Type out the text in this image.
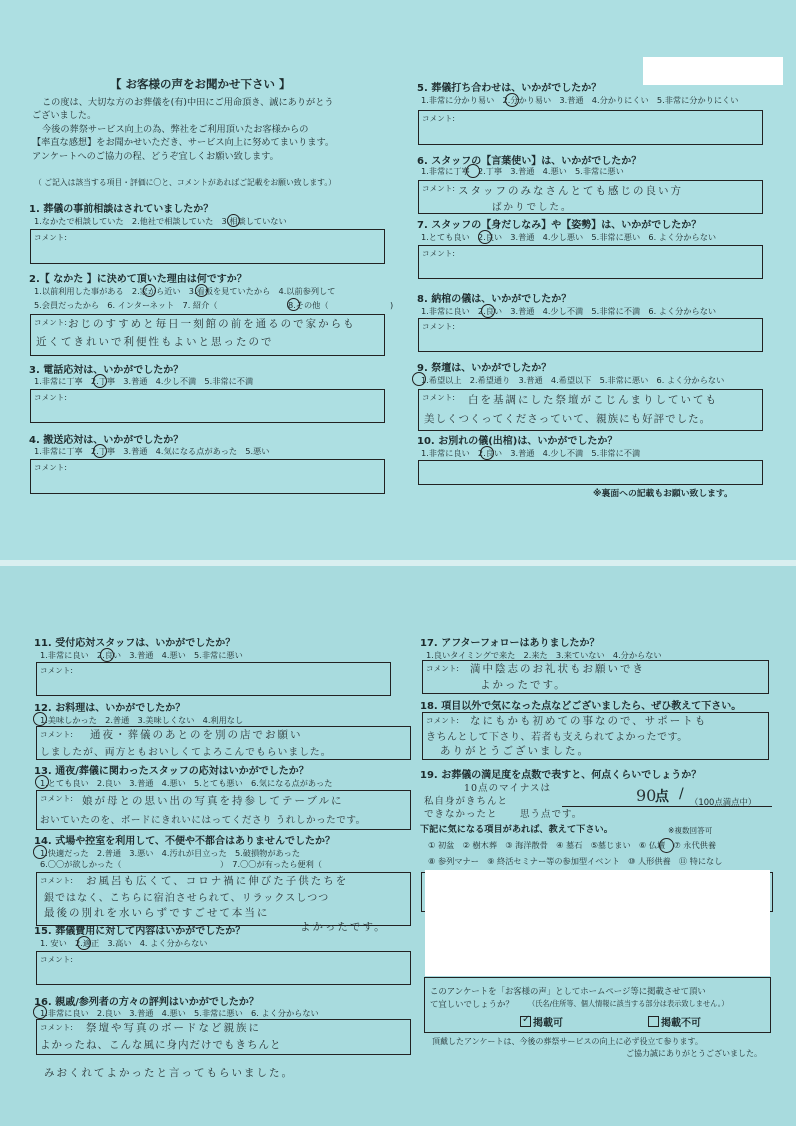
【 お客様の声をお聞かせ下さい 】
この度は、大切な方のお葬儀を(有)中田にご用命頂き、誠にありがとう
ございました。
今後の葬祭サービス向上の為、弊社をご利用頂いたお客様からの
【率直な感想】をお聞かせいただき、サービス向上に努めてまいります。
アンケートへのご協力の程、どうぞ宜しくお願い致します。
（ ご記入は該当する項目・評価に〇と、コメントがあればご記載をお願い致します。）
1. 葬儀の事前相談はされていましたか？
1.なかたで相談していた　2.他社で相談していた　3.相談していない
コメント:
2.【 なかた 】に決めて頂いた理由は何ですか？
1.以前利用した事がある　2.家から近い　3.看板を見ていたから　4.以前参列して
5.会員だったから　6. インターネット　7. 紹介（	8.その他（	)
コメント: おじのすすめと毎日一刻館の前を通るので家からも
近くてきれいで利便性もよいと思ったので
3. 電話応対は、いかがでしたか？
1.非常に丁寧　2.丁寧　3.普通　4.少し不満　5.非常に不満
コメント:
4. 搬送応対は、いかがでしたか？
1.非常に丁寧　2.丁寧　3.普通　4.気になる点があった　5.悪い
コメント:
5. 葬儀打ち合わせは、いかがでしたか？
1.非常に分かり易い　2.分かり易い　3.普通　4.分かりにくい　5.非常に分かりにくい
コメント:
6. スタッフの【言葉使い】は、いかがでしたか？
1.非常に丁寧　2.丁寧　3.普通　4.悪い　5.非常に悪い
コメント: スタッフのみなさんとても感じの良い方
ばかりでした。
7. スタッフの【身だしなみ】や【姿勢】は、いかがでしたか？
1.とても良い　2.良い　3.普通　4.少し悪い　5.非常に悪い　6. よく分からない
コメント:
8. 納棺の儀は、いかがでしたか？
1.非常に良い　2.良い　3.普通　4.少し不満　5.非常に不満　6. よく分からない
コメント:
9. 祭壇は、いかがでしたか？
1.希望以上　2.希望通り　3.普通　4.希望以下　5.非常に悪い　6. よく分からない
コメント: 白を基調にした祭壇がこじんまりしていても
美しくつくってくださっていて、親族にも好評でした。
10. お別れの儀(出棺)は、いかがでしたか？
1.非常に良い　2.良い　3.普通　4.少し不満　5.非常に不満
※裏面への記載もお願い致します。
11. 受付応対スタッフは、いかがでしたか？
1.非常に良い　2.良い　3.普通　4.悪い　5.非常に悪い
コメント:
12. お料理は、いかがでしたか？
1.美味しかった　2.普通　3.美味しくない　4.利用なし
コメント: 通夜・葬儀のあとのを別の店でお願い
しましたが、両方ともおいしくてよろこんでもらいました。
13. 通夜/葬儀に関わったスタッフの応対はいかがでしたか？
1.とても良い　2.良い　3.普通　4.悪い　5.とても悪い　6.気になる点があった
コメント: 娘が母との思い出の写真を持参してテーブルに
おいていたのを、ボードにきれいにはってくださり うれしかったです。
14. 式場や控室を利用して、不便や不都合はありませんでしたか？
1.快適だった　2.普通　3.悪い　4.汚れが目立った　5.破損物があった
6.〇〇が欲しかった（	）　7.〇〇が有ったら便利（
コメント: お風呂も広くて、コロナ禍に伸びた子供たちを
銀ではなく、こちらに宿泊させられて、リラックスしつつ
最後の別れを水いらずですごせて本当に
よかったです。
15. 葬儀費用に対して内容はいかがでしたか？
1. 安い　2.適正　3.高い　4. よく分からない
コメント:
16. 親戚/参列者の方々の評判はいかがでしたか？
1.非常に良い　2.良い　3.普通　4.悪い　5.非常に悪い　6. よく分からない
コメント: 祭壇や写真のボードなど親族に
よかったね、こんな風に身内だけでもきちんと
みおくれてよかったと言ってもらいました。
17. アフターフォローはありましたか？
1.良いタイミングで来た　2.来た　3.来ていない　4.分からない
コメント: 満中陰志のお礼状もお願いでき
よかったです。
18. 項目以外で気になった点などございましたら、ぜひ教えて下さい。
コメント: なにもかも初めての事なので、サポートも
きちんとして下さり、若者も支えられてよかったです。
ありがとうございました。
19. お葬儀の満足度を点数で表すと、何点くらいでしょうか？
10点のマイナスは
私自身がきちんと
できなかったと 思う点です。
90
点 / （100点満点中）
下記に気になる項目があれば、教えて下さい。	※複数回答可
① 初盆　② 樹木葬　③ 海洋散骨　④ 墓石　⑤墓じまい　⑥ 仏壇　⑦ 永代供養
⑧ 参列マナー　⑨ 終活セミナー等の参加型イベント　⑩ 人形供養　⑪ 特になし
このアンケートを「お客様の声」としてホームページ等に掲載させて頂い
て宜しいでしょうか？ （氏名/住所等、個人情報に該当する部分は表示致しません。）
✓ 掲載可	掲載不可
頂戴したアンケートは、今後の葬祭サービスの向上に必ず役立て参ります。
ご協力誠にありがとうございました。
